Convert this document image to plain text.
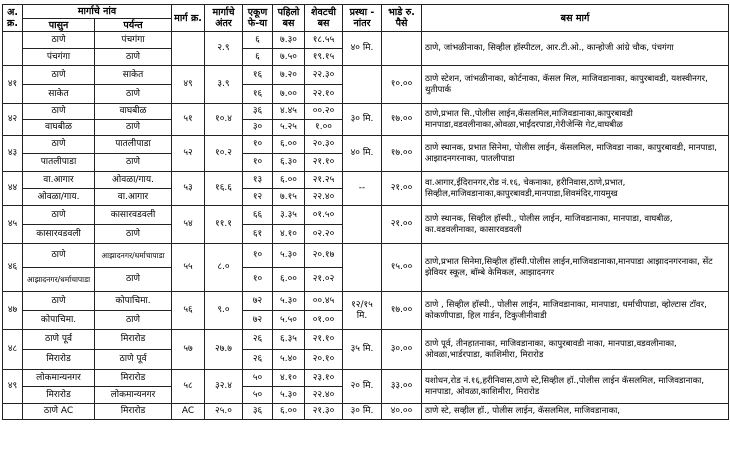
अ. क्र.	मार्गाचे नांव		मार्ग क्र.	मार्गाचे अंतर	एकूण फे-या	पहिलो बस	शेवटची बस	प्रस्था - नांतर	भाडे रु. पैसे	बस मार्ग
	पासुन	पर्यन्त								
	ठाणे	पंचगंगा		२.९	६	७.३०	१८.५५	४० मि.		ठाणे, जांभळीनाका, सिव्हील हॉस्पीटल, आर.टी.ओ., कान्होजी आंग्रे चौक, पंचगंगा
	पंचगंगा	ठाणे			६	७.५०	१९.१५			
४१	ठाणे	साकेत	४९	३.९	१६	७.२०	२२.३०		१०.००	ठाणे स्टेशन, जांभळीनाका, कोर्टनाका, कॅसल मिल, माजिवडानाका, कापुरबावडी, यशस्वीनगर, थुतीपार्क
	साकेत	ठाणे			१६	७.००	२२.१०			
४२	ठाणे	वाघबीळ	५१	१०.४	३६	४.४५	००.२०	३० मि.	१७.००	ठाणे,प्रभात सि.,पोलीस लाईन,कॅसलमिल,माजिवडानाका,कापुरबावडी मानपाडा,वडवलीनाका,ओवळा,भाईंदरपाडा,गेरीजेन्सि गेट,वाघबीळ
	वाघबीळ	ठाणे			३०	५.२५	१.००			
४३	ठाणे	पातलीपाडा	५२	१०.२	१०	६.००	२०.३०	४० मि.	१७.००	ठाणे स्थानक, प्रभात सिनेमा, पोलीस लाईन, कॅसलमिल, माजिवडा नाका, कापुरबावडी, मानपाडा, आझादनगरनाका, पातलीपाडा
	पातलीपाडा	ठाणे			१०	६.३०	२१.१०			
४४	वा.आगार	ओवळा/गाय.	५३	१६.६	१३	६.००	२१.२५	--	२१.००	वा.आगार,ईंदिरानगर,रोड नं.१६, चेकनाका, हरीनिवास,ठाणे,प्रभात, सिव्हील,माजिवडानाका,कापुरबावडी,मानपाडा,शिवमंदिर,गायमुख
	ओवळा/गाय.	वा.आगार			१२	७.१५	२२.४०			
४५	ठाणे	कासारवडवली	५४	११.१	६६	३.३५	०१.५०		२१.००	ठाणे स्थानक, सिव्हील हॉस्पी., पोलीस लाईन, माजिवडानाका, मानपाडा, वाघबीळ, का.वडवलीनाका, कासारवडवली
	कासारवडवली	ठाणे			६१	४.१०	०२.२०			
४६	ठाणे	आझादनगर/धर्माचापाडा	५५	८.०	१०	५.३०	२०.१७		१५.००	ठाणे,प्रभात सिनेमा,सिव्हील हॉस्पी.पोलीस लाईन,माजिवडानाका,मानपाडा आझादनगरनाका, सेंट झेवियर स्कूल, बॉम्बे केमिकल, आझादनगर
	आझादनगर/धर्माचापाडा	ठाणे			१०	६.००	२१.०२			
४७	ठाणे	कोपाचिमा.	५६	९.०	७२	५.३०	००.४५	१२/१५ मि.	१७.००	ठाणे , सिव्हील हॉस्पी., पोलीस लाईन, माजिवडानाका, मानपाडा, धर्माचीपाडा, व्होल्टास टॉवर, कोकणीपाडा, हिल गार्डन, टिकुजीनीवाडी
	कोपाचिमा.	ठाणे			७२	५.५०	०१.००			
४८	ठाणे पूर्व	मिरारोड	५७	२७.७	२६	६.३५	२१.१०	३५ मि.	३०.००	ठाणे पूर्व, तीनहातनाका, माजिवडानाका, कापुरबावडी नाका, मानपाडा,वडवलीनाका, ओवळा,भार्डरपाडा, काशिमीरा, मिरारोड
	मिरारोड	ठाणे पूर्व			२६	५.४०	२०.१०			
४९	लोकमान्यनगर	मिरारोड	५८	३२.४	५०	४.१०	२३.१०	२० मि.	३३.००	यशोधन,रोड नं.१६,हरीनिवास,ठाणे स्टे,सिव्हील हॉ.,पोलीस लाईन कॅसलमिल, माजिवडानाका, मानपाडा, ओवळा,काशिमीरा, मिरारोड
	मिरारोड	लोकमान्यनगर			५०	५.३०	२२.४०			
	ठाणे AC	मिरारोड	AC	२५.०	३६	६.००	२१.३०	३० मि.	४०.००	ठाणे स्टे, सव्हील हॉ., पोलीस लाईन, कॅसलमिल, माजिवडानाका,
